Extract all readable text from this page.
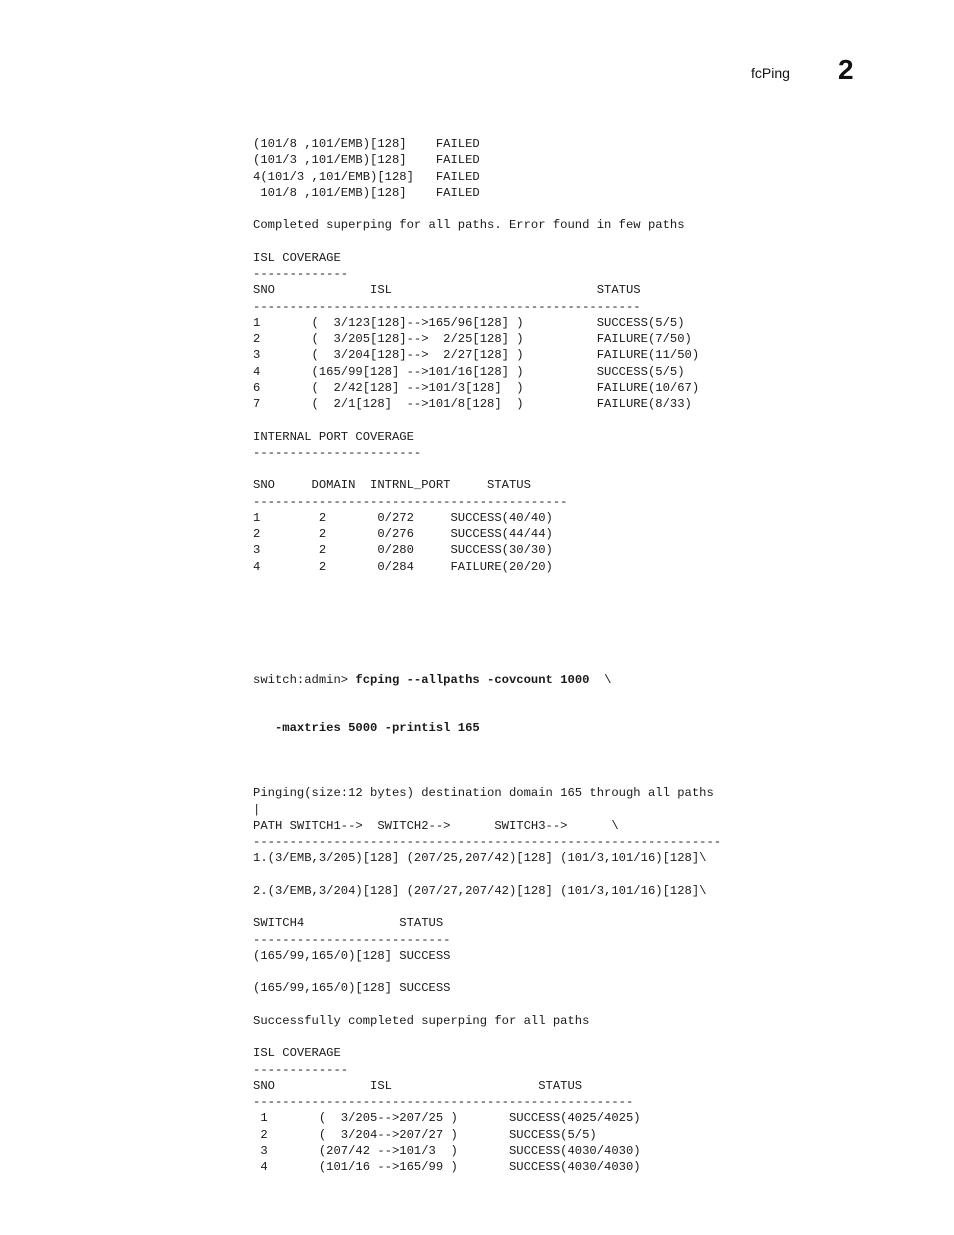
fcPing 2
(101/8 ,101/EMB)[128]    FAILED
(101/3 ,101/EMB)[128]    FAILED
4(101/3 ,101/EMB)[128]   FAILED
101/8 ,101/EMB)[128]    FAILED
Completed superping for all paths. Error found in few paths
ISL COVERAGE
-------------
SNO             ISL                            STATUS
-----------------------------------------------------
1       (  3/123[128]-->165/96[128] )          SUCCESS(5/5)
2       (  3/205[128]-->  2/25[128] )          FAILURE(7/50)
3       (  3/204[128]-->  2/27[128] )          FAILURE(11/50)
4       (165/99[128] -->101/16[128] )          SUCCESS(5/5)
6       (  2/42[128] -->101/3[128]  )          FAILURE(10/67)
7       (  2/1[128]  -->101/8[128]  )          FAILURE(8/33)
INTERNAL PORT COVERAGE
-----------------------
SNO     DOMAIN  INTRNL_PORT     STATUS
-------------------------------------------
1        2       0/272     SUCCESS(40/40)
2        2       0/276     SUCCESS(44/44)
3        2       0/280     SUCCESS(30/30)
4        2       0/284     FAILURE(20/20)

switch:admin> fcping --allpaths -covcount 1000  \

-maxtries 5000 -printisl 165

Pinging(size:12 bytes) destination domain 165 through all paths
|
PATH SWITCH1-->  SWITCH2-->      SWITCH3-->      \
----------------------------------------------------------------
1.(3/EMB,3/205)[128] (207/25,207/42)[128] (101/3,101/16)[128]\
2.(3/EMB,3/204)[128] (207/27,207/42)[128] (101/3,101/16)[128]\
SWITCH4             STATUS
---------------------------
(165/99,165/0)[128] SUCCESS
(165/99,165/0)[128] SUCCESS
Successfully completed superping for all paths
ISL COVERAGE
-------------
SNO             ISL                    STATUS
----------------------------------------------------
1       (  3/205-->207/25 )       SUCCESS(4025/4025)
2       (  3/204-->207/27 )       SUCCESS(5/5)
3       (207/42 -->101/3  )       SUCCESS(4030/4030)
4       (101/16 -->165/99 )       SUCCESS(4030/4030)
